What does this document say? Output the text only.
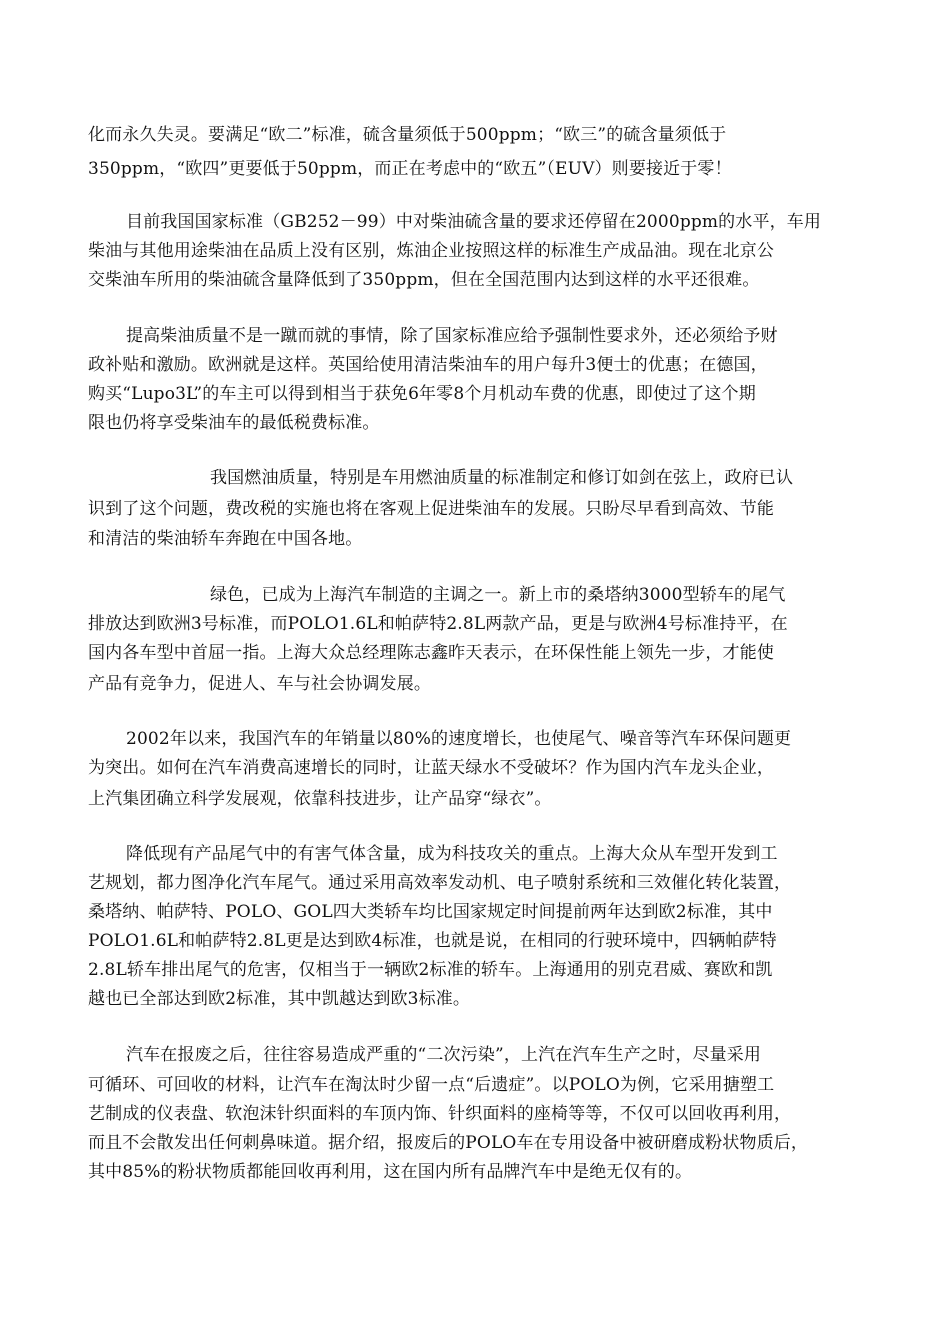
化而永久失灵。要满足“欧二”标准，硫含量须低于500ppm；“欧三”的硫含量须低于

350ppm，“欧四”更要低于50ppm，而正在考虑中的“欧五”（EUV）则要接近于零！

目前我国国家标准（GB252－99）中对柴油硫含量的要求还停留在2000ppm的水平，车用

柴油与其他用途柴油在品质上没有区别，炼油企业按照这样的标准生产成品油。现在北京公

交柴油车所用的柴油硫含量降低到了350ppm，但在全国范围内达到这样的水平还很难。

提高柴油质量不是一蹴而就的事情，除了国家标准应给予强制性要求外，还必须给予财

政补贴和激励。欧洲就是这样。英国给使用清洁柴油车的用户每升3便士的优惠；在德国，

购买“Lupo3L”的车主可以得到相当于获免6年零8个月机动车费的优惠，即使过了这个期

限也仍将享受柴油车的最低税费标准。

我国燃油质量，特别是车用燃油质量的标准制定和修订如剑在弦上，政府已认

识到了这个问题，费改税的实施也将在客观上促进柴油车的发展。只盼尽早看到高效、节能

和清洁的柴油轿车奔跑在中国各地。

绿色，已成为上海汽车制造的主调之一。新上市的桑塔纳3000型轿车的尾气

排放达到欧洲3号标准，而POLO1.6L和帕萨特2.8L两款产品，更是与欧洲4号标准持平，在

国内各车型中首屈一指。上海大众总经理陈志鑫昨天表示，在环保性能上领先一步，才能使

产品有竞争力，促进人、车与社会协调发展。

2002年以来，我国汽车的年销量以80%的速度增长，也使尾气、噪音等汽车环保问题更

为突出。如何在汽车消费高速增长的同时，让蓝天绿水不受破坏？作为国内汽车龙头企业，

上汽集团确立科学发展观，依靠科技进步，让产品穿“绿衣”。

降低现有产品尾气中的有害气体含量，成为科技攻关的重点。上海大众从车型开发到工

艺规划，都力图净化汽车尾气。通过采用高效率发动机、电子喷射系统和三效催化转化装置，

桑塔纳、帕萨特、POLO、GOL四大类轿车均比国家规定时间提前两年达到欧2标准，其中

POLO1.6L和帕萨特2.8L更是达到欧4标准，也就是说，在相同的行驶环境中，四辆帕萨特

2.8L轿车排出尾气的危害，仅相当于一辆欧2标准的轿车。上海通用的别克君威、赛欧和凯

越也已全部达到欧2标准，其中凯越达到欧3标准。

汽车在报废之后，往往容易造成严重的“二次污染”，上汽在汽车生产之时，尽量采用

可循环、可回收的材料，让汽车在淘汰时少留一点“后遗症”。以POLO为例，它采用搪塑工

艺制成的仪表盘、软泡沫针织面料的车顶内饰、针织面料的座椅等等，不仅可以回收再利用，

而且不会散发出任何刺鼻味道。据介绍，报废后的POLO车在专用设备中被研磨成粉状物质后，

其中85%的粉状物质都能回收再利用，这在国内所有品牌汽车中是绝无仅有的。
